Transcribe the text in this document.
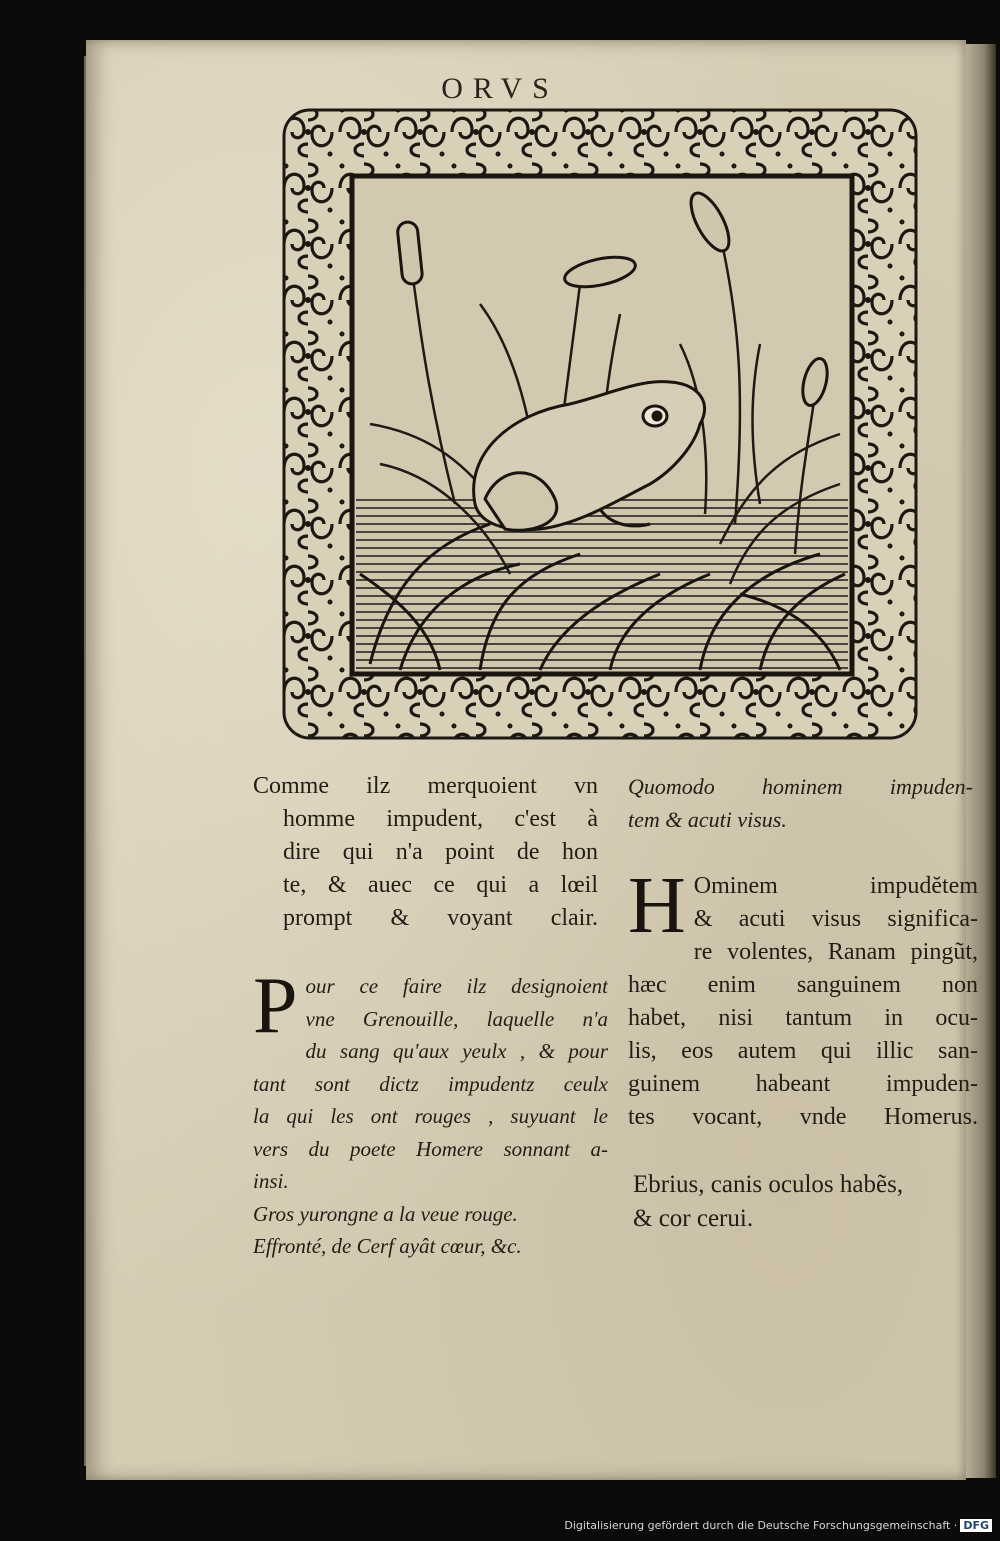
ORVS
Comme ilz merquoient vn
homme impudent, c'est à
dire qui n'a point de hon
te, & auec ce qui a lœil
prompt & voyant clair.
Quomodo hominem impuden-
tem & acuti visus.
P our ce faire ilz designoient
vne Grenouille, laquelle n'a
du sang qu'aux yeulx , & pour
tant sont dictz impudentz ceulx
la qui les ont rouges , suyuant le
vers du poete Homere sonnant a-
insi.
Gros yurongne a la veue rouge.
Effronté, de Cerf ayât cœur, &c.
H Ominem impudĕtem
& acuti visus significa-
re volentes, Ranam pingũt,
hæc enim sanguinem non
habet, nisi tantum in ocu-
lis, eos autem qui illic san-
guinem habeant impuden-
tes vocant, vnde Homerus.
Ebrius, canis oculos habẽs,
& cor cerui.
Digitalisierung gefördert durch die Deutsche Forschungsgemeinschaft · DFG
